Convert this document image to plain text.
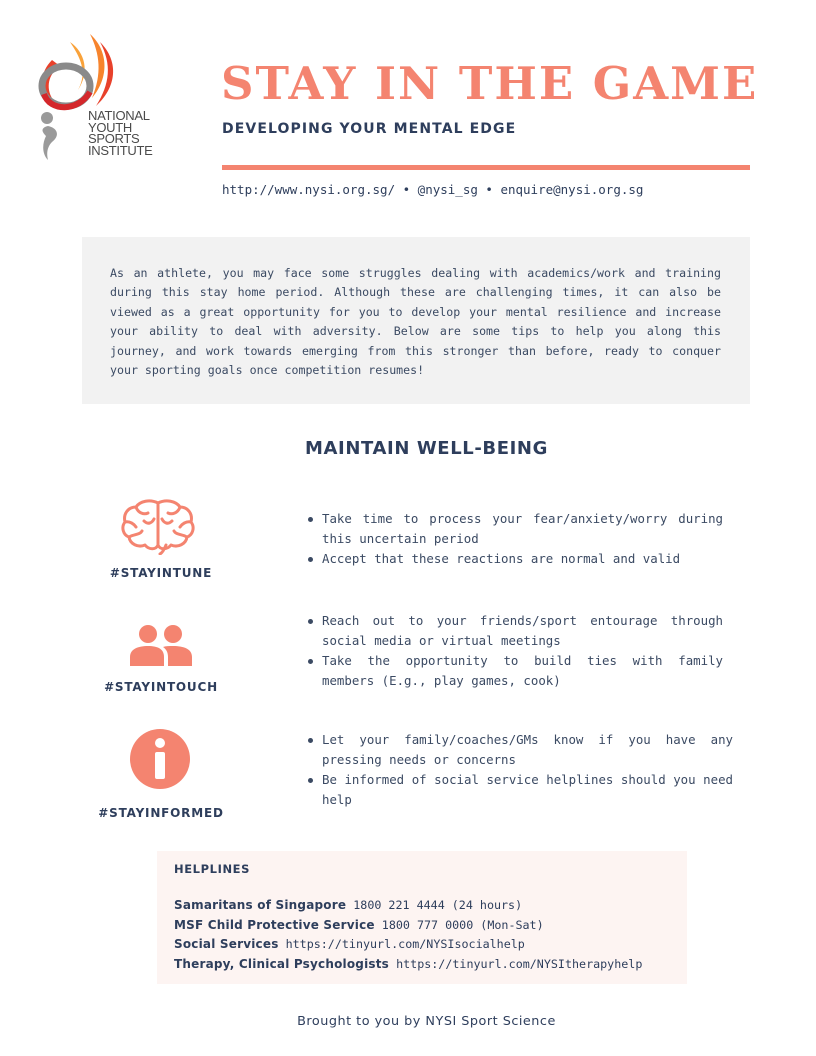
NATIONAL
YOUTH
SPORTS
INSTITUTE
STAY IN THE GAME
DEVELOPING YOUR MENTAL EDGE
http://www.nysi.org.sg/ • @nysi_sg • enquire@nysi.org.sg

As an athlete, you may face some struggles dealing with academics/work and training during this stay home period. Although these are challenging times, it can also be viewed as a great opportunity for you to develop your mental resilience and increase your ability to deal with adversity. Below are some tips to help you along this journey, and work towards emerging from this stronger than before, ready to conquer your sporting goals once competition resumes!

MAINTAIN WELL-BEING
#STAYINTUNE
Take time to process your fear/anxiety/worry during this uncertain period
Accept that these reactions are normal and valid
#STAYINTOUCH
Reach out to your friends/sport entourage through social media or virtual meetings
Take the opportunity to build ties with family members (E.g., play games, cook)
#STAYINFORMED
Let your family/coaches/GMs know if you have any pressing needs or concerns
Be informed of social service helplines should you need help
HELPLINES
Samaritans of Singapore 1800 221 4444 (24 hours)
MSF Child Protective Service 1800 777 0000 (Mon-Sat)
Social Services https://tinyurl.com/NYSIsocialhelp
Therapy, Clinical Psychologists https://tinyurl.com/NYSItherapyhelp
Brought to you by NYSI Sport Science
